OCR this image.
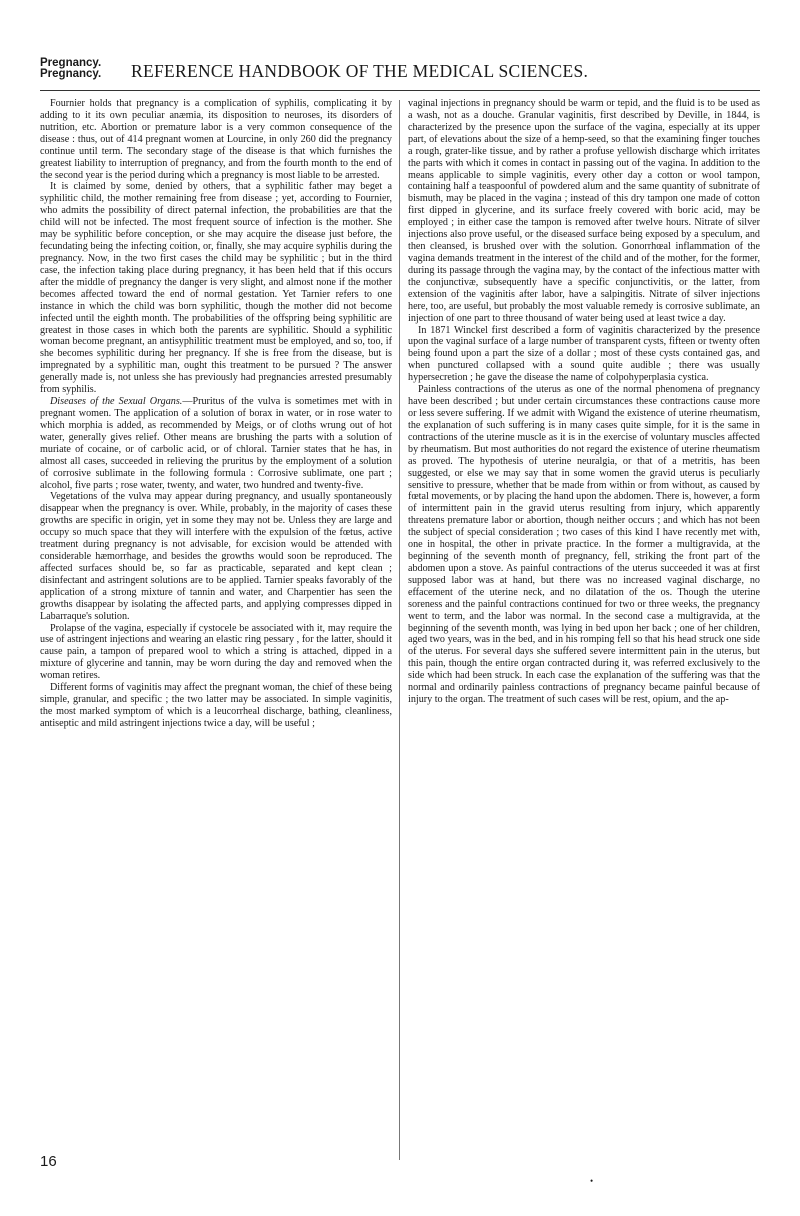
Pregnancy.
Pregnancy. REFERENCE HANDBOOK OF THE MEDICAL SCIENCES.

Fournier holds that pregnancy is a complication of syphilis, complicating it by adding to it its own peculiar anæmia, its disposition to neuroses, its disorders of nutrition, etc. Abortion or premature labor is a very common consequence of the disease : thus, out of 414 pregnant women at Lourcine, in only 260 did the pregnancy continue until term. The secondary stage of the disease is that which furnishes the greatest liability to interruption of pregnancy, and from the fourth month to the end of the second year is the period during which a pregnancy is most liable to be arrested.

It is claimed by some, denied by others, that a syphilitic father may beget a syphilitic child, the mother remaining free from disease ; yet, according to Fournier, who admits the possibility of direct paternal infection, the probabilities are that the child will not be infected. The most frequent source of infection is the mother. She may be syphilitic before conception, or she may acquire the disease just before, the fecundating being the infecting coition, or, finally, she may acquire syphilis during the pregnancy. Now, in the two first cases the child may be syphilitic ; but in the third case, the infection taking place during pregnancy, it has been held that if this occurs after the middle of pregnancy the danger is very slight, and almost none if the mother becomes affected toward the end of normal gestation. Yet Tarnier refers to one instance in which the child was born syphilitic, though the mother did not become infected until the eighth month. The probabilities of the offspring being syphilitic are greatest in those cases in which both the parents are syphilitic. Should a syphilitic woman become pregnant, an antisyphilitic treatment must be employed, and so, too, if she becomes syphilitic during her pregnancy. If she is free from the disease, but is impregnated by a syphilitic man, ought this treatment to be pursued ? The answer generally made is, not unless she has previously had pregnancies arrested presumably from syphilis.

Diseases of the Sexual Organs.—Pruritus of the vulva is sometimes met with in pregnant women. The application of a solution of borax in water, or in rose water to which morphia is added, as recommended by Meigs, or of cloths wrung out of hot water, generally gives relief. Other means are brushing the parts with a solution of muriate of cocaine, or of carbolic acid, or of chloral. Tarnier states that he has, in almost all cases, succeeded in relieving the pruritus by the employment of a solution of corrosive sublimate in the following formula : Corrosive sublimate, one part ; alcohol, five parts ; rose water, twenty, and water, two hundred and twenty-five.

Vegetations of the vulva may appear during pregnancy, and usually spontaneously disappear when the pregnancy is over. While, probably, in the majority of cases these growths are specific in origin, yet in some they may not be. Unless they are large and occupy so much space that they will interfere with the expulsion of the fœtus, active treatment during pregnancy is not advisable, for excision would be attended with considerable hæmorrhage, and besides the growths would soon be reproduced. The affected surfaces should be, so far as practicable, separated and kept clean ; disinfectant and astringent solutions are to be applied. Tarnier speaks favorably of the application of a strong mixture of tannin and water, and Charpentier has seen the growths disappear by isolating the affected parts, and applying compresses dipped in Labarraque's solution.

Prolapse of the vagina, especially if cystocele be associated with it, may require the use of astringent injections and wearing an elastic ring pessary , for the latter, should it cause pain, a tampon of prepared wool to which a string is attached, dipped in a mixture of glycerine and tannin, may be worn during the day and removed when the woman retires.

Different forms of vaginitis may affect the pregnant woman, the chief of these being simple, granular, and specific ; the two latter may be associated. In simple vaginitis, the most marked symptom of which is a leucorrheal discharge, bathing, cleanliness, antiseptic and mild astringent injections twice a day, will be useful ;

vaginal injections in pregnancy should be warm or tepid, and the fluid is to be used as a wash, not as a douche. Granular vaginitis, first described by Deville, in 1844, is characterized by the presence upon the surface of the vagina, especially at its upper part, of elevations about the size of a hemp-seed, so that the examining finger touches a rough, grater-like tissue, and by rather a profuse yellowish discharge which irritates the parts with which it comes in contact in passing out of the vagina. In addition to the means applicable to simple vaginitis, every other day a cotton or wool tampon, containing half a teaspoonful of powdered alum and the same quantity of subnitrate of bismuth, may be placed in the vagina ; instead of this dry tampon one made of cotton first dipped in glycerine, and its surface freely covered with boric acid, may be employed ; in either case the tampon is removed after twelve hours. Nitrate of silver injections also prove useful, or the diseased surface being exposed by a speculum, and then cleansed, is brushed over with the solution. Gonorrhœal inflammation of the vagina demands treatment in the interest of the child and of the mother, for the former, during its passage through the vagina may, by the contact of the infectious matter with the conjunctivæ, subsequently have a specific conjunctivitis, or the latter, from extension of the vaginitis after labor, have a salpingitis. Nitrate of silver injections here, too, are useful, but probably the most valuable remedy is corrosive sublimate, an injection of one part to three thousand of water being used at least twice a day.

In 1871 Winckel first described a form of vaginitis characterized by the presence upon the vaginal surface of a large number of transparent cysts, fifteen or twenty often being found upon a part the size of a dollar ; most of these cysts contained gas, and when punctured collapsed with a sound quite audible ; there was usually hypersecretion ; he gave the disease the name of colpohyperplasia cystica.

Painless contractions of the uterus as one of the normal phenomena of pregnancy have been described ; but under certain circumstances these contractions cause more or less severe suffering. If we admit with Wigand the existence of uterine rheumatism, the explanation of such suffering is in many cases quite simple, for it is the same in contractions of the uterine muscle as it is in the exercise of voluntary muscles affected by rheumatism. But most authorities do not regard the existence of uterine rheumatism as proved. The hypothesis of uterine neuralgia, or that of a metritis, has been suggested, or else we may say that in some women the gravid uterus is peculiarly sensitive to pressure, whether that be made from within or from without, as caused by fœtal movements, or by placing the hand upon the abdomen. There is, however, a form of intermittent pain in the gravid uterus resulting from injury, which apparently threatens premature labor or abortion, though neither occurs ; and which has not been the subject of special consideration ; two cases of this kind I have recently met with, one in hospital, the other in private practice. In the former a multigravida, at the beginning of the seventh month of pregnancy, fell, striking the front part of the abdomen upon a stove. As painful contractions of the uterus succeeded it was at first supposed labor was at hand, but there was no increased vaginal discharge, no effacement of the uterine neck, and no dilatation of the os. Though the uterine soreness and the painful contractions continued for two or three weeks, the pregnancy went to term, and the labor was normal. In the second case a multigravida, at the beginning of the seventh month, was lying in bed upon her back ; one of her children, aged two years, was in the bed, and in his romping fell so that his head struck one side of the uterus. For several days she suffered severe intermittent pain in the uterus, but this pain, though the entire organ contracted during it, was referred exclusively to the side which had been struck. In each case the explanation of the suffering was that the normal and ordinarily painless contractions of pregnancy became painful because of injury to the organ. The treatment of such cases will be rest, opium, and the ap-

16
•
